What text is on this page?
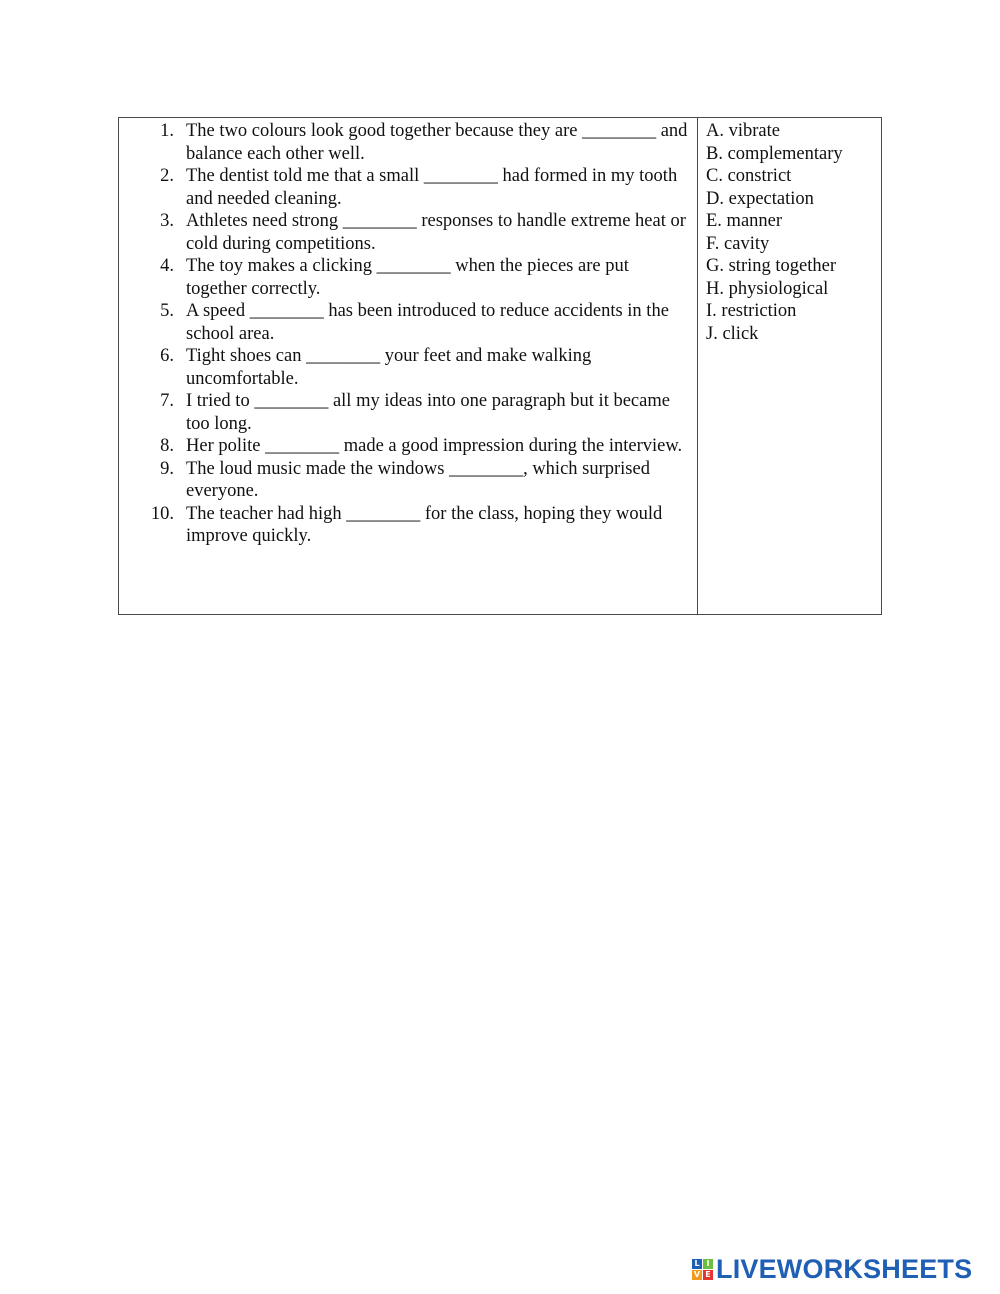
1. The two colours look good together because they are ________ and balance each other well.
2. The dentist told me that a small ________ had formed in my tooth and needed cleaning.
3. Athletes need strong ________ responses to handle extreme heat or cold during competitions.
4. The toy makes a clicking ________ when the pieces are put together correctly.
5. A speed ________ has been introduced to reduce accidents in the school area.
6. Tight shoes can ________ your feet and make walking uncomfortable.
7. I tried to ________ all my ideas into one paragraph but it became too long.
8. Her polite ________ made a good impression during the interview.
9. The loud music made the windows ________, which surprised everyone.
10. The teacher had high ________ for the class, hoping they would improve quickly.
A. vibrate
B. complementary
C. constrict
D. expectation
E. manner
F. cavity
G. string together
H. physiological
I. restriction
J. click
L I
V E LIVEWORKSHEETS
